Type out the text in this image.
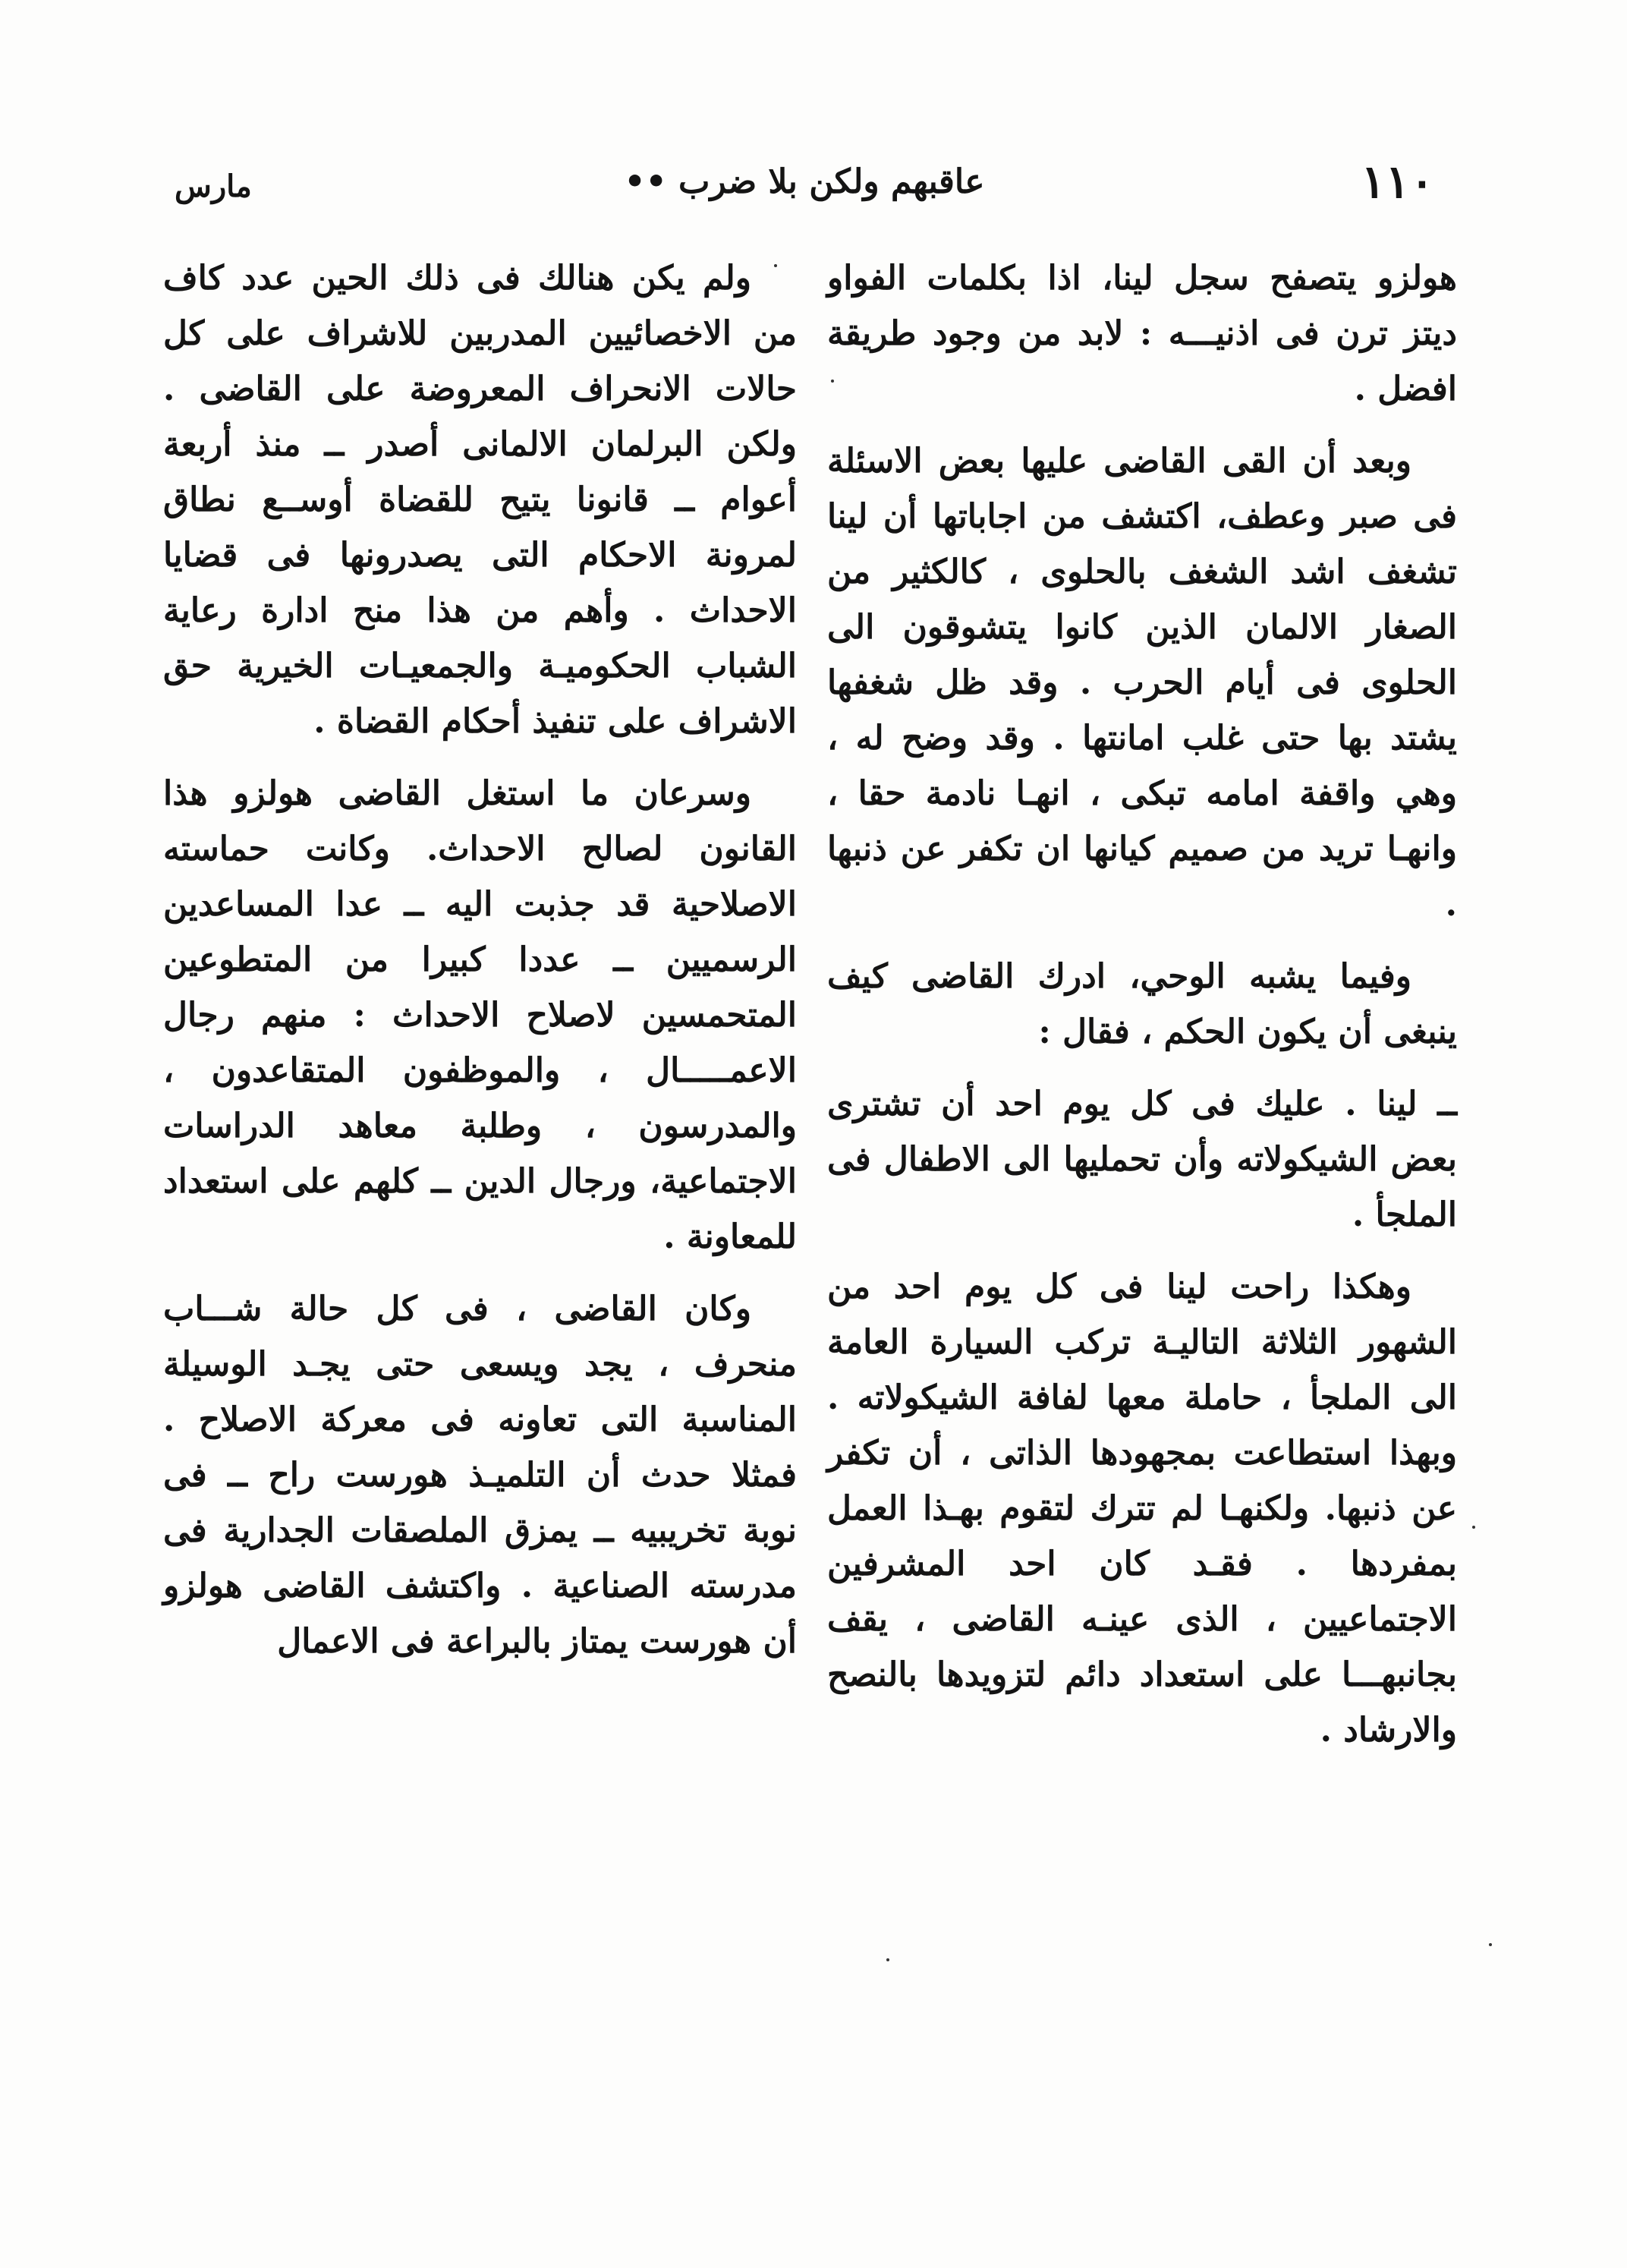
١١٠
عاقبهم ولكن بلا ضرب ••
مارس

هولزو يتصفح سجل لينا، اذا بكلمات الفواو ديتز ترن فى اذنيـــه : لابد من وجود طريقة افضل .

وبعد أن القى القاضى عليها بعض الاسئلة فى صبر وعطف، اكتشف من اجاباتها أن لينا تشغف اشد الشغف بالحلوى ، كالكثير من الصغار الالمان الذين كانوا يتشوقون الى الحلوى فى أيام الحرب . وقد ظل شغفها يشتد بها حتى غلب امانتها . وقد وضح له ، وهي واقفة امامه تبكى ، انهـا نادمة حقا ، وانهـا تريد من صميم كيانها ان تكفر عن ذنبها .

وفيما يشبه الوحي، ادرك القاضى كيف ينبغى أن يكون الحكم ، فقال :

ــ لينا . عليك فى كل يوم احد أن تشترى بعض الشيكولاته وأن تحمليها الى الاطفال فى الملجأ .

وهكذا راحت لينا فى كل يوم احد من الشهور الثلاثة التاليـة تركب السيارة العامة الى الملجأ ، حاملة معها لفافة الشيكولاته . وبهذا استطاعت بمجهودها الذاتى ، أن تكفر عن ذنبها. ولكنهـا لم تترك لتقوم بهـذا العمل بمفردها . فقـد كان احد المشرفين الاجتماعيين ، الذى عينـه القاضى ، يقف بجانبهـــا على استعداد دائم لتزويدها بالنصح والارشاد .

ولم يكن هنالك فى ذلك الحين عدد كاف من الاخصائيين المدربين للاشراف على كل حالات الانحراف المعروضة على القاضى . ولكن البرلمان الالمانى أصدر ــ منذ أربعة أعوام ــ قانونا يتيح للقضاة أوســع نطاق لمرونة الاحكام التى يصدرونها فى قضايا الاحداث . وأهم من هذا منح ادارة رعاية الشباب الحكوميـة والجمعيـات الخيرية حق الاشراف على تنفيذ أحكام القضاة .

وسرعان ما استغل القاضى هولزو هذا القانون لصالح الاحداث. وكانت حماسته الاصلاحية قد جذبت اليه ــ عدا المساعدين الرسميين ــ عددا كبيرا من المتطوعين المتحمسين لاصلاح الاحداث : منهم رجال الاعمـــــال ، والموظفون المتقاعدون ، والمدرسون ، وطلبة معاهد الدراسات الاجتماعية، ورجال الدين ــ كلهم على استعداد للمعاونة .

وكان القاضى ، فى كل حالة شـــاب منحرف ، يجد ويسعى حتى يجـد الوسيلة المناسبة التى تعاونه فى معركة الاصلاح . فمثلا حدث أن التلميـذ هورست راح ــ فى نوبة تخريبيه ــ يمزق الملصقات الجدارية فى مدرسته الصناعية . واكتشف القاضى هولزو أن هورست يمتاز بالبراعة فى الاعمال
